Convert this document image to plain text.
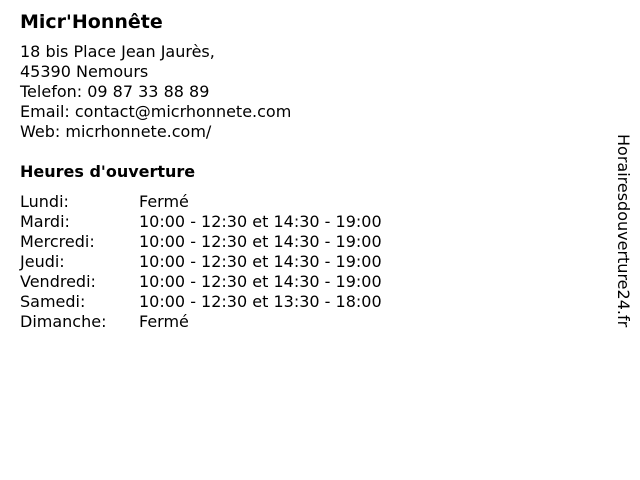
Micr'Honnête
18 bis Place Jean Jaurès,
45390 Nemours
Telefon: 09 87 33 88 89
Email: contact@micrhonnete.com
Web: micrhonnete.com/
Heures d'ouverture
Lundi:	Fermé
Mardi:	10:00 - 12:30 et 14:30 - 19:00
Mercredi:	10:00 - 12:30 et 14:30 - 19:00
Jeudi:	10:00 - 12:30 et 14:30 - 19:00
Vendredi:	10:00 - 12:30 et 14:30 - 19:00
Samedi:	10:00 - 12:30 et 13:30 - 18:00
Dimanche:	Fermé	Horairesdouverture24.fr
